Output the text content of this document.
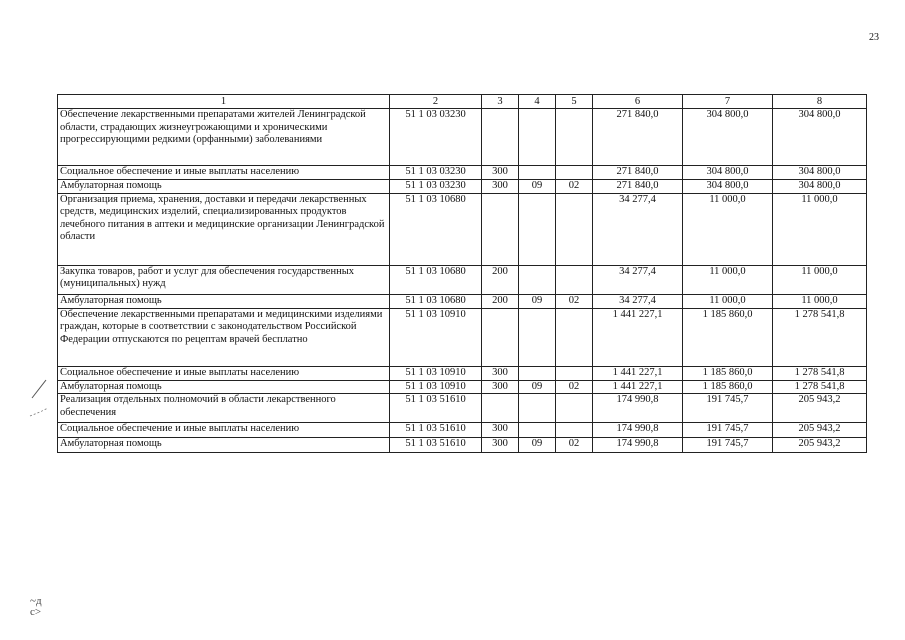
23
1	2	3	4	5	6	7	8
Обеспечение лекарственными препаратами жителей Ленинградской области, страдающих жизнеугрожающими и хроническими прогрессирующими редкими (орфанными) заболеваниями	51 1 03 03230				271 840,0	304 800,0	304 800,0
Социальное обеспечение и иные выплаты населению	51 1 03 03230	300			271 840,0	304 800,0	304 800,0
Амбулаторная помощь	51 1 03 03230	300	09	02	271 840,0	304 800,0	304 800,0
Организация приема, хранения, доставки и передачи лекарственных средств, медицинских изделий, специализированных продуктов лечебного питания в аптеки и медицинские организации Ленинградской области	51 1 03 10680				34 277,4	11 000,0	11 000,0
Закупка товаров, работ и услуг для обеспечения государственных (муниципальных) нужд	51 1 03 10680	200			34 277,4	11 000,0	11 000,0
Амбулаторная помощь	51 1 03 10680	200	09	02	34 277,4	11 000,0	11 000,0
Обеспечение лекарственными препаратами и медицинскими изделиями граждан, которые в соответствии с законодательством Российской Федерации отпускаются по рецептам врачей бесплатно	51 1 03 10910				1 441 227,1	1 185 860,0	1 278 541,8
Социальное обеспечение и иные выплаты населению	51 1 03 10910	300			1 441 227,1	1 185 860,0	1 278 541,8
Амбулаторная помощь	51 1 03 10910	300	09	02	1 441 227,1	1 185 860,0	1 278 541,8
Реализация отдельных полномочий в области лекарственного обеспечения	51 1 03 51610				174 990,8	191 745,7	205 943,2
Социальное обеспечение и иные выплаты населению	51 1 03 51610	300			174 990,8	191 745,7	205 943,2
Амбулаторная помощь	51 1 03 51610	300	09	02	174 990,8	191 745,7	205 943,2
~д
с>
